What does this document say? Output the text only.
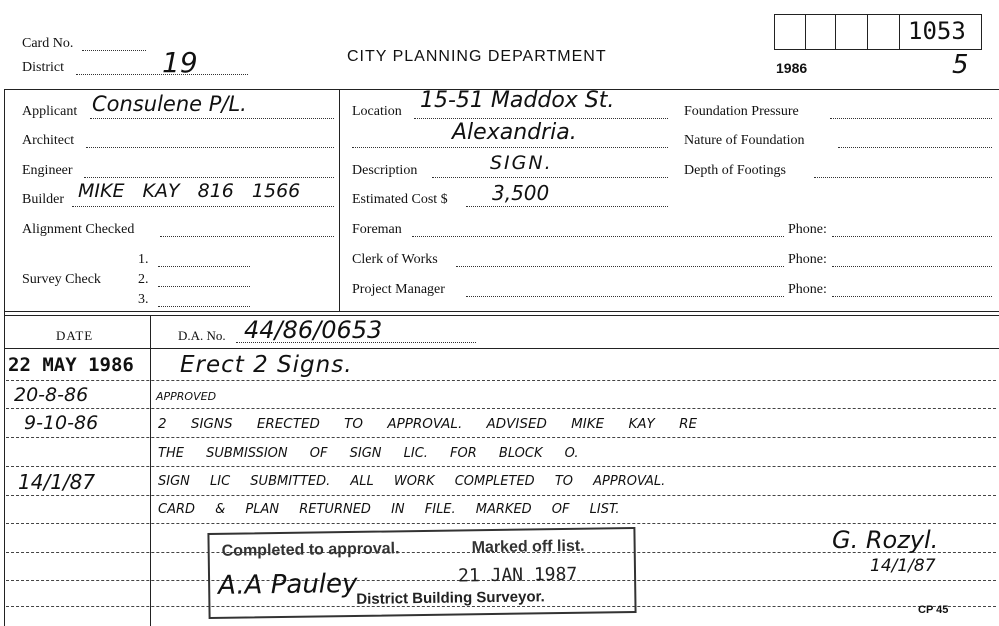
Card No.
District	19	CITY PLANNING DEPARTMENT
1053
1986	5
Applicant Consulene P/L.
Architect
Engineer
Builder MIKE KAY 816 1566
Alignment Checked
Survey Check
1.
2.
3.
Location 15-51 Maddox St.
Alexandria.
Description	SIGN.
Estimated Cost $ 3,500
Foreman	Phone:
Clerk of Works	Phone:
Project Manager	Phone:
Foundation Pressure
Nature of Foundation
Depth of Footings
DATE	D.A. No. 44/86/0653
22 MAY 1986 Erect 2 Signs.
20-8-86	APPROVED
9-10-86	2 SIGNS ERECTED TO APPROVAL. ADVISED MIKE KAY RE
THE SUBMISSION OF SIGN LIC. FOR BLOCK O.
14/1/87	SIGN LIC SUBMITTED. ALL WORK COMPLETED TO APPROVAL.
CARD & PLAN RETURNED IN FILE. MARKED OF LIST.
G. Rozyl.
14/1/87
Completed to approval.	Marked off list.
21 JAN 1987
A.A Pauley
District Building Surveyor.
CP 45
